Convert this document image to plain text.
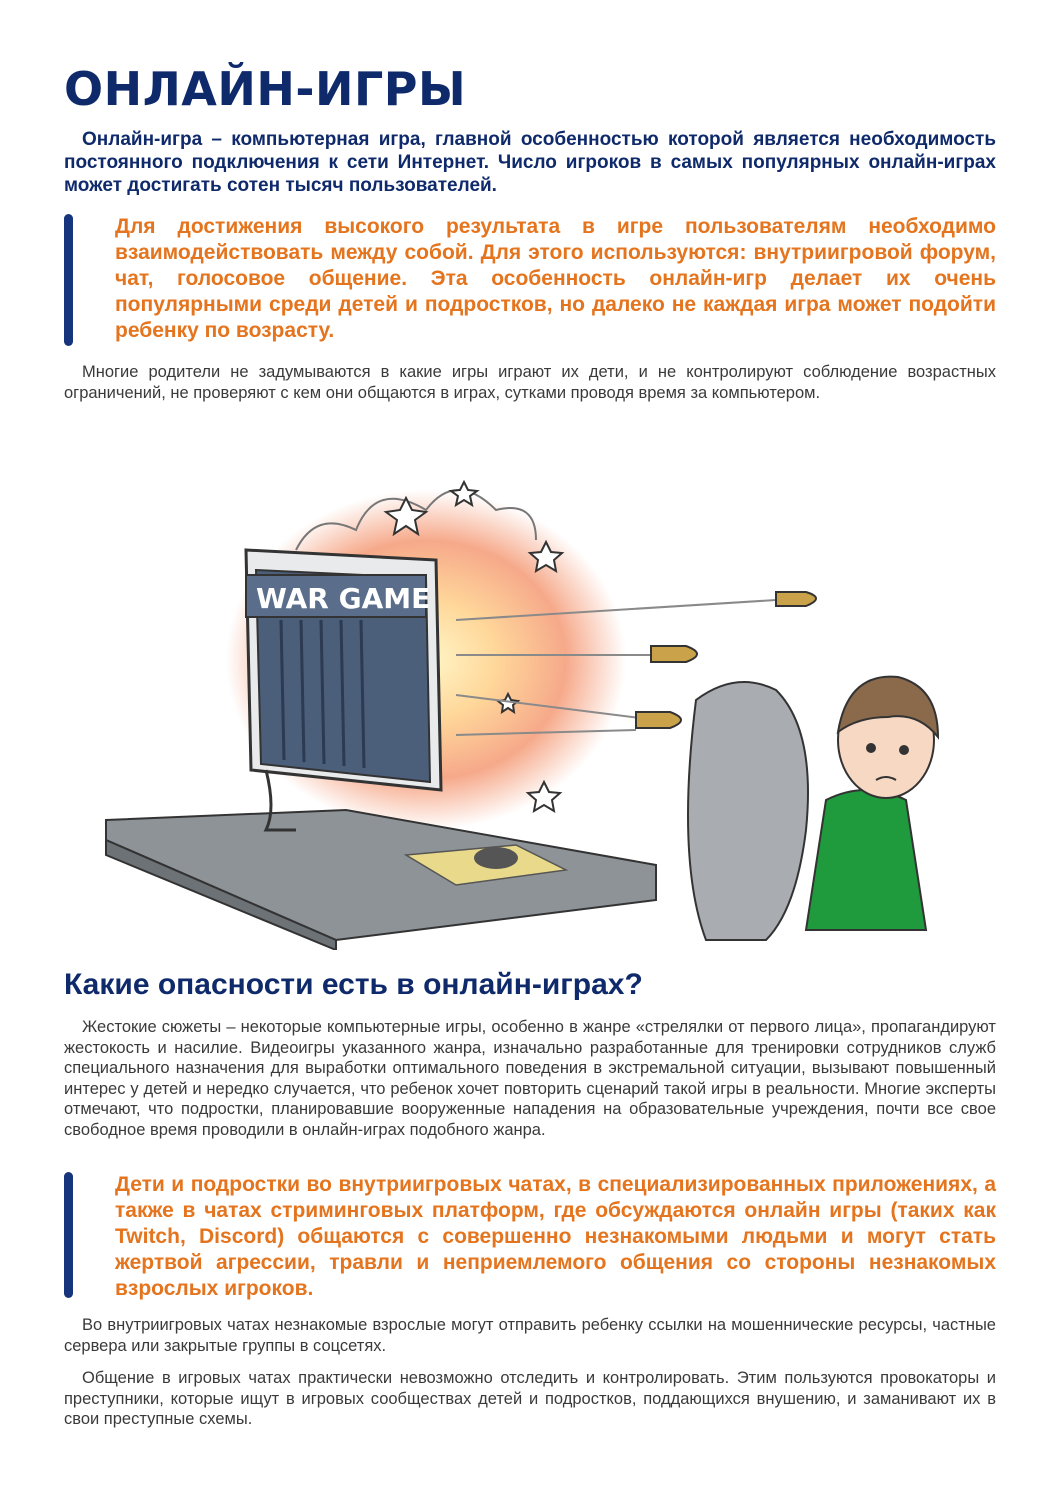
ОНЛАЙН-ИГРЫ

Онлайн-игра – компьютерная игра, главной особенностью которой является необходимость постоянного подключения к сети Интернет. Число игроков в самых популярных онлайн-играх может достигать сотен тысяч пользователей.

Для достижения высокого результата в игре пользователям необходимо взаимодействовать между собой. Для этого используются: внутриигровой форум, чат, голосовое общение. Эта особенность онлайн-игр делает их очень популярными среди детей и подростков, но далеко не каждая игра может подойти ребенку по возрасту.

Многие родители не задумываются в какие игры играют их дети, и не контролируют соблюдение возрастных ограничений, не проверяют с кем они общаются в играх, сутками проводя время за компьютером.

WAR GAME
Какие опасности есть в онлайн-играх?

Жестокие сюжеты – некоторые компьютерные игры, особенно в жанре «стрелялки от первого лица», пропагандируют жестокость и насилие. Видеоигры указанного жанра, изначально разработанные для тренировки сотрудников служб специального назначения для выработки оптимального поведения в экстремальной ситуации, вызывают повышенный интерес у детей и нередко случается, что ребенок хочет повторить сценарий такой игры в реальности. Многие эксперты отмечают, что подростки, планировавшие вооруженные нападения на образовательные учреждения, почти все свое свободное время проводили в онлайн-играх подобного жанра.

Дети и подростки во внутриигровых чатах, в специализированных приложениях, а также в чатах стриминговых платформ, где обсуждаются онлайн игры (таких как Twitch, Discord) общаются с совершенно незнакомыми людьми и могут стать жертвой агрессии, травли и неприемлемого общения со стороны незнакомых взрослых игроков.

Во внутриигровых чатах незнакомые взрослые могут отправить ребенку ссылки на мошеннические ресурсы, частные сервера или закрытые группы в соцсетях.

Общение в игровых чатах практически невозможно отследить и контролировать. Этим пользуются провокаторы и преступники, которые ищут в игровых сообществах детей и подростков, поддающихся внушению, и заманивают их в свои преступные схемы.
